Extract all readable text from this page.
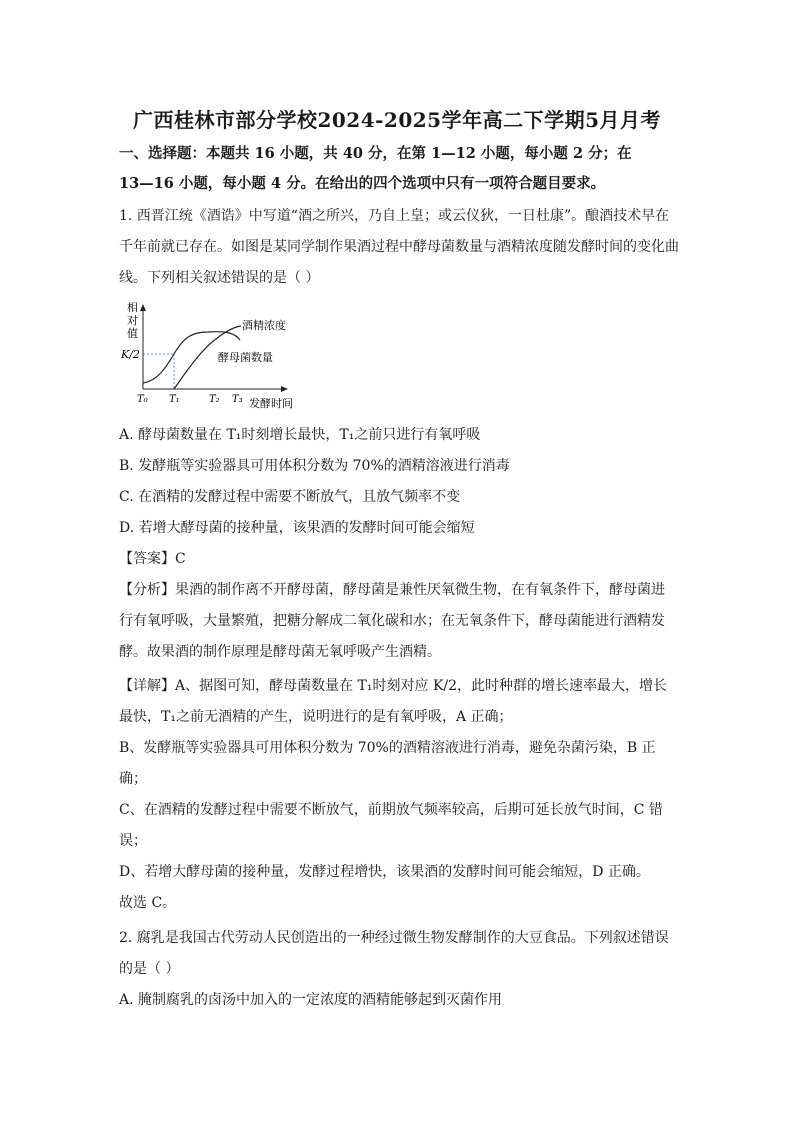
广西桂林市部分学校2024-2025学年高二下学期5月月考
一、选择题：本题共 16 小题，共 40 分，在第 1—12 小题，每小题 2 分；在
13—16 小题，每小题 4 分。在给出的四个选项中只有一项符合题目要求。
1. 西晋江统《酒诰》中写道“酒之所兴，乃自上皇；或云仪狄，一日杜康”。酿酒技术早在
千年前就已存在。如图是某同学制作果酒过程中酵母菌数量与酒精浓度随发酵时间的变化曲
线。下列相关叙述错误的是（ ）
相
对
值
K/2
酒精浓度
酵母菌数量
T₀ T₁	T₂ T₃ 发酵时间
A. 酵母菌数量在 T₁时刻增长最快，T₁之前只进行有氧呼吸
B. 发酵瓶等实验器具可用体积分数为 70%的酒精溶液进行消毒
C. 在酒精的发酵过程中需要不断放气，且放气频率不变
D. 若增大酵母菌的接种量，该果酒的发酵时间可能会缩短
【答案】C
【分析】果酒的制作离不开酵母菌，酵母菌是兼性厌氧微生物，在有氧条件下，酵母菌进
行有氧呼吸，大量繁殖，把糖分解成二氧化碳和水；在无氧条件下，酵母菌能进行酒精发
酵。故果酒的制作原理是酵母菌无氧呼吸产生酒精。
【详解】A、据图可知，酵母菌数量在 T₁时刻对应 K/2，此时种群的增长速率最大，增长
最快，T₁之前无酒精的产生，说明进行的是有氧呼吸，A 正确；
B、发酵瓶等实验器具可用体积分数为 70%的酒精溶液进行消毒，避免杂菌污染，B 正
确；
C、在酒精的发酵过程中需要不断放气，前期放气频率较高，后期可延长放气时间，C 错
误；
D、若增大酵母菌的接种量，发酵过程增快，该果酒的发酵时间可能会缩短，D 正确。
故选 C。
2. 腐乳是我国古代劳动人民创造出的一种经过微生物发酵制作的大豆食品。下列叙述错误
的是（ ）
A. 腌制腐乳的卤汤中加入的一定浓度的酒精能够起到灭菌作用
